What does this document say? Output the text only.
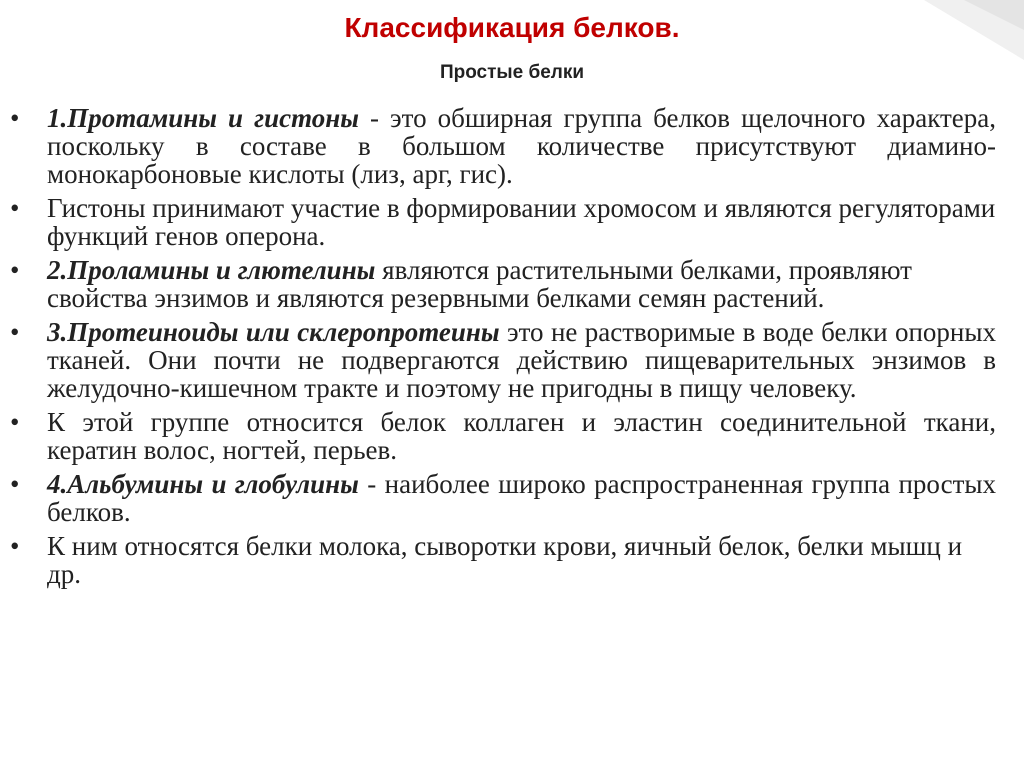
Классификация белков.
Простые белки
• 1.Протамины и гистоны - это обширная группа белков щелочного характера, поскольку в составе в большом количестве присутствуют диамино-монокарбоновые кислоты (лиз, арг, гис).
• Гистоны принимают участие в формировании хромосом и являются регуляторами функций генов оперона.
• 2.Проламины и глютелины являются растительными белками, проявляют свойства энзимов и являются резервными белками семян растений.
• 3.Протеиноиды или склеропротеины это не растворимые в воде белки опорных тканей. Они почти не подвергаются действию пищеварительных энзимов в желудочно-кишечном тракте и поэтому не пригодны в пищу человеку.
• К этой группе относится белок коллаген и эластин соединительной ткани, кератин волос, ногтей, перьев.
• 4.Альбумины и глобулины - наиболее широко распространенная группа простых белков.
• К ним относятся белки молока, сыворотки крови, яичный белок, белки мышц и др.
